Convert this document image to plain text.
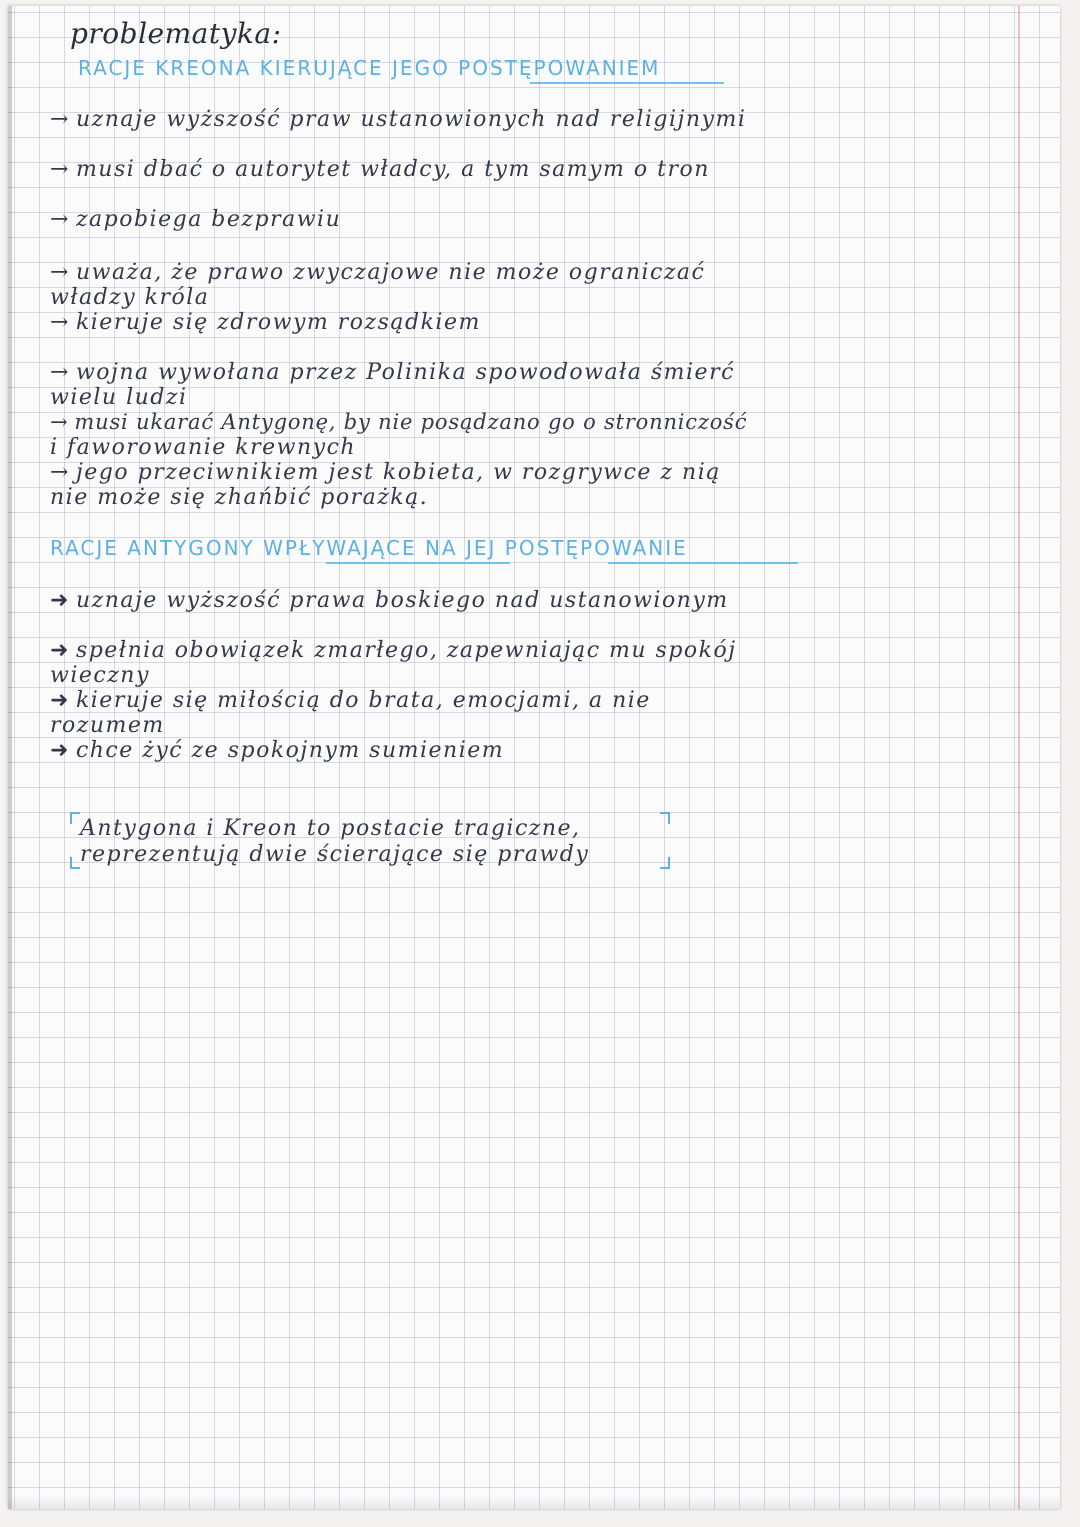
problematyka:
RACJE KREONA KIERUJĄCE JEGO POSTĘPOWANIEM
→ uznaje wyższość praw ustanowionych nad religijnymi
→ musi dbać o autorytet władcy, a tym samym o tron
→ zapobiega bezprawiu
→ uważa, że prawo zwyczajowe nie może ograniczać
władzy króla
→ kieruje się zdrowym rozsądkiem
→ wojna wywołana przez Polinika spowodowała śmierć
wielu ludzi
→ musi ukarać Antygonę, by nie posądzano go o stronniczość
i faworowanie krewnych
→ jego przeciwnikiem jest kobieta, w rozgrywce z nią
nie może się zhańbić porażką.
RACJE ANTYGONY WPŁYWAJĄCE NA JEJ POSTĘPOWANIE
➜ uznaje wyższość prawa boskiego nad ustanowionym
➜ spełnia obowiązek zmarłego, zapewniając mu spokój
wieczny
➜ kieruje się miłością do brata, emocjami, a nie
rozumem
➜ chce żyć ze spokojnym sumieniem
Antygona i Kreon to postacie tragiczne,
reprezentują dwie ścierające się prawdy
